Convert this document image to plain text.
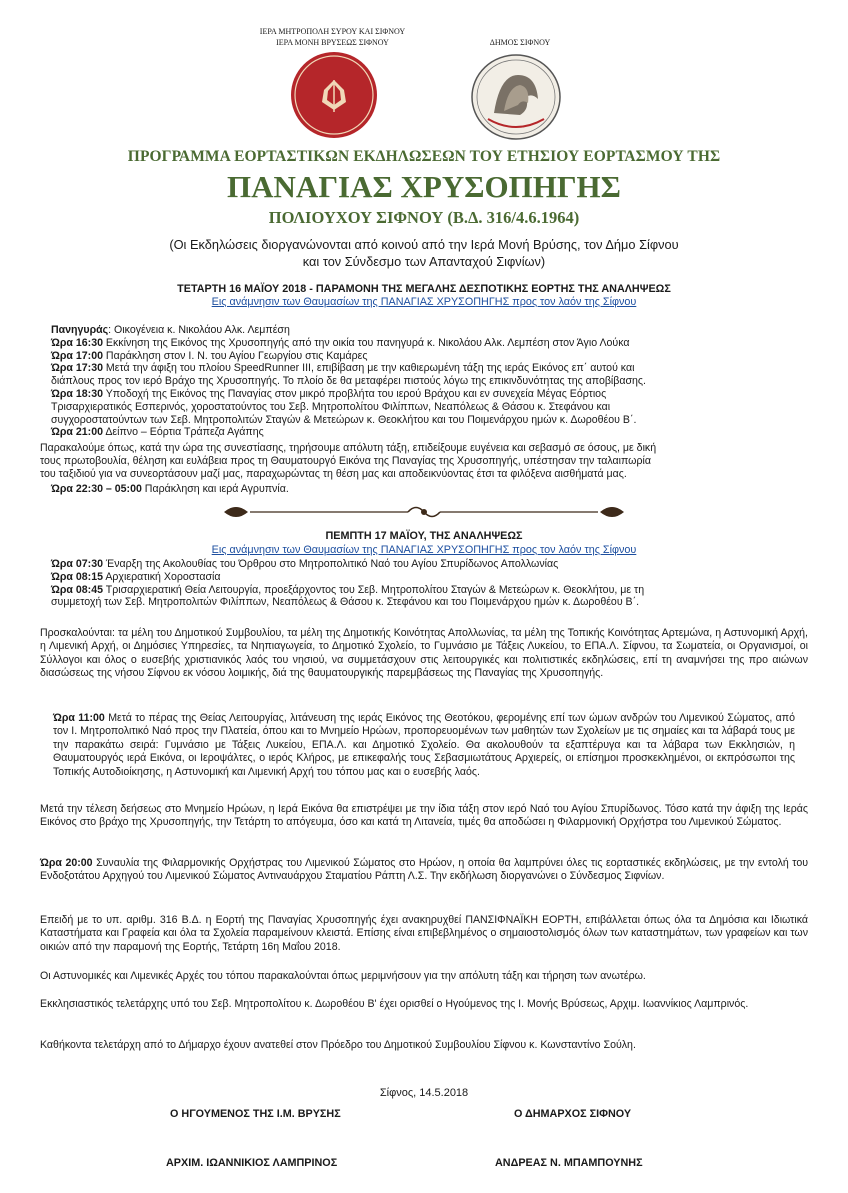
ΙΕΡΑ ΜΗΤΡΟΠΟΛΗ ΣΥΡΟΥ ΚΑΙ ΣΙΦΝΟΥ
ΙΕΡΑ ΜΟΝΗ ΒΡΥΣΕΩΣ ΣΙΦΝΟΥ	ΔΗΜΟΣ ΣΙΦΝΟΥ
ΠΡΟΓΡΑΜΜΑ ΕΟΡΤΑΣΤΙΚΩΝ ΕΚΔΗΛΩΣΕΩΝ ΤΟΥ ΕΤΗΣΙΟΥ ΕΟΡΤΑΣΜΟΥ ΤΗΣ
ΠΑΝΑΓΙΑΣ ΧΡΥΣΟΠΗΓΗΣ
ΠΟΛΙΟΥΧΟΥ ΣΙΦΝΟΥ (Β.Δ. 316/4.6.1964)
(Οι Εκδηλώσεις διοργανώνονται από κοινού από την Ιερά Μονή Βρύσης, τον Δήμο Σίφνου
και τον Σύνδεσμο των Απανταχού Σιφνίων)
ΤΕΤΑΡΤΗ 16 ΜΑΪΟΥ 2018 - ΠΑΡΑΜΟΝΗ ΤΗΣ ΜΕΓΑΛΗΣ ΔΕΣΠΟΤΙΚΗΣ ΕΟΡΤΗΣ ΤΗΣ ΑΝΑΛΗΨΕΩΣ
Εις ανάμνησιν των Θαυμασίων της ΠΑΝΑΓΙΑΣ ΧΡΥΣΟΠΗΓΗΣ προς τον λαόν της Σίφνου
Πανηγυράς: Οικογένεια κ. Νικολάου Αλκ. Λεμπέση
Ώρα 16:30 Εκκίνηση της Εικόνος της Χρυσοπηγής από την οικία του πανηγυρά κ. Νικολάου Αλκ. Λεμπέση στον Άγιο Λούκα
Ώρα 17:00 Παράκληση στον Ι. Ν. του Αγίου Γεωργίου στις Καμάρες
Ώρα 17:30 Μετά την άφιξη του πλοίου SpeedRunner III, επιβίβαση με την καθιερωμένη τάξη της ιεράς Εικόνος επ΄ αυτού και
διάπλους προς τον ιερό Βράχο της Χρυσοπηγής. Το πλοίο δε θα μεταφέρει πιστούς λόγω της επικινδυνότητας της αποβίβασης.
Ώρα 18:30 Υποδοχή της Εικόνος της Παναγίας στον μικρό προβλήτα του ιερού Βράχου και εν συνεχεία Μέγας Εόρτιος
Τρισαρχιερατικός Εσπερινός, χοροστατούντος του Σεβ. Μητροπολίτου Φιλίππων, Νεαπόλεως & Θάσου κ. Στεφάνου και
συγχοροστατούντων των Σεβ. Μητροπολιτών Σταγών & Μετεώρων κ. Θεοκλήτου και του Ποιμενάρχου ημών κ. Δωροθέου Β΄.
Ώρα 21:00 Δείπνο – Εόρτια Τράπεζα Αγάπης
Παρακαλούμε όπως, κατά την ώρα της συνεστίασης, τηρήσουμε απόλυτη τάξη, επιδείξουμε ευγένεια και σεβασμό σε όσους, με δική
τους πρωτοβουλία, θέληση και ευλάβεια προς τη Θαυματουργό Εικόνα της Παναγίας της Χρυσοπηγής, υπέστησαν την ταλαιπωρία
του ταξιδιού για να συνεορτάσουν μαζί μας, παραχωρώντας τη θέση μας και αποδεικνύοντας έτσι τα φιλόξενα αισθήματά μας.
Ώρα 22:30 – 05:00 Παράκληση και ιερά Αγρυπνία.
ΠΕΜΠΤΗ 17 ΜΑΪΟΥ, ΤΗΣ ΑΝΑΛΗΨΕΩΣ
Εις ανάμνησιν των Θαυμασίων της ΠΑΝΑΓΙΑΣ ΧΡΥΣΟΠΗΓΗΣ προς τον λαόν της Σίφνου
Ώρα 07:30 Έναρξη της Ακολουθίας του Όρθρου στο Μητροπολιτικό Ναό του Αγίου Σπυρίδωνος Απολλωνίας
Ώρα 08:15 Αρχιερατική Χοροστασία
Ώρα 08:45 Τρισαρχιερατική Θεία Λειτουργία, προεξάρχοντος του Σεβ. Μητροπολίτου Σταγών & Μετεώρων κ. Θεοκλήτου, με τη
συμμετοχή των Σεβ. Μητροπολιτών Φιλίππων, Νεαπόλεως & Θάσου κ. Στεφάνου και του Ποιμενάρχου ημών κ. Δωροθέου Β΄.
Προσκαλούνται: τα μέλη του Δημοτικού Συμβουλίου, τα μέλη της Δημοτικής Κοινότητας Απολλωνίας, τα μέλη της Τοπικής Κοινότητας Αρτεμώνα, η Αστυνομική Αρχή, η Λιμενική Αρχή, οι Δημόσιες Υπηρεσίες, τα Νηπιαγωγεία, το Δημοτικό Σχολείο, το Γυμνάσιο με Τάξεις Λυκείου, το ΕΠΑ.Λ. Σίφνου, τα Σωματεία, οι Οργανισμοί, οι Σύλλογοι και όλος ο ευσεβής χριστιανικός λαός του νησιού, να συμμετάσχουν στις λειτουργικές και πολιτιστικές εκδηλώσεις, επί τη αναμνήσει της προ αιώνων διασώσεως της νήσου Σίφνου εκ νόσου λοιμικής, διά της θαυματουργικής παρεμβάσεως της Παναγίας της Χρυσοπηγής.
Ώρα 11:00 Μετά το πέρας της Θείας Λειτουργίας, λιτάνευση της ιεράς Εικόνος της Θεοτόκου, φερομένης επί των ώμων ανδρών του Λιμενικού Σώματος, από τον Ι. Μητροπολιτικό Ναό προς την Πλατεία, όπου και το Μνημείο Ηρώων, προπορευομένων των μαθητών των Σχολείων με τις σημαίες και τα λάβαρά τους με την παρακάτω σειρά: Γυμνάσιο με Τάξεις Λυκείου, ΕΠΑ.Λ. και Δημοτικό Σχολείο. Θα ακολουθούν τα εξαπτέρυγα και τα λάβαρα των Εκκλησιών, η Θαυματουργός ιερά Εικόνα, οι Ιεροψάλτες, ο ιερός Κλήρος, με επικεφαλής τους Σεβασμιωτάτους Αρχιερείς, οι επίσημοι προσκεκλημένοι, οι εκπρόσωποι της Τοπικής Αυτοδιοίκησης, η Αστυνομική και Λιμενική Αρχή του τόπου μας και ο ευσεβής λαός.
Μετά την τέλεση δεήσεως στο Μνημείο Ηρώων, η Ιερά Εικόνα θα επιστρέψει με την ίδια τάξη στον ιερό Ναό του Αγίου Σπυρίδωνος. Τόσο κατά την άφιξη της Ιεράς Εικόνος στο βράχο της Χρυσοπηγής, την Τετάρτη το απόγευμα, όσο και κατά τη Λιτανεία, τιμές θα αποδώσει η Φιλαρμονική Ορχήστρα του Λιμενικού Σώματος.
Ώρα 20:00 Συναυλία της Φιλαρμονικής Ορχήστρας του Λιμενικού Σώματος στο Ηρώον, η οποία θα λαμπρύνει όλες τις εορταστικές εκδηλώσεις, με την εντολή του Ενδοξοτάτου Αρχηγού του Λιμενικού Σώματος Αντιναυάρχου Σταματίου Ράπτη Λ.Σ. Την εκδήλωση διοργανώνει ο Σύνδεσμος Σιφνίων.
Επειδή με το υπ. αριθμ. 316 Β.Δ. η Εορτή της Παναγίας Χρυσοπηγής έχει ανακηρυχθεί ΠΑΝΣΙΦΝΑΪΚΗ ΕΟΡΤΗ, επιβάλλεται όπως όλα τα Δημόσια και Ιδιωτικά Καταστήματα και Γραφεία και όλα τα Σχολεία παραμείνουν κλειστά. Επίσης είναι επιβεβλημένος ο σημαιοστολισμός όλων των καταστημάτων, των γραφείων και των οικιών από την παραμονή της Εορτής, Τετάρτη 16η Μαΐου 2018.
Οι Αστυνομικές και Λιμενικές Αρχές του τόπου παρακαλούνται όπως μεριμνήσουν για την απόλυτη τάξη και τήρηση των ανωτέρω.
Εκκλησιαστικός τελετάρχης υπό του Σεβ. Μητροπολίτου κ. Δωροθέου Β' έχει ορισθεί ο Ηγούμενος της Ι. Μονής Βρύσεως, Αρχιμ. Ιωαννίκιος Λαμπρινός.
Καθήκοντα τελετάρχη από το Δήμαρχο έχουν ανατεθεί στον Πρόεδρο του Δημοτικού Συμβουλίου Σίφνου κ. Κωνσταντίνο Σούλη.
Σίφνος, 14.5.2018
Ο ΗΓΟΥΜΕΝΟΣ ΤΗΣ Ι.Μ. ΒΡΥΣΗΣ	Ο ΔΗΜΑΡΧΟΣ ΣΙΦΝΟΥ
ΑΡΧΙΜ. ΙΩΑΝΝΙΚΙΟΣ ΛΑΜΠΡΙΝΟΣ	ΑΝΔΡΕΑΣ Ν. ΜΠΑΜΠΟΥΝΗΣ
